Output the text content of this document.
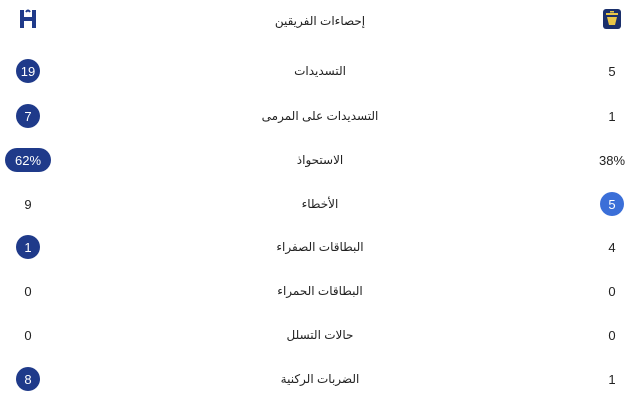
إحصاءات الفريقين
19	التسديدات	5
7	التسديدات على المرمى	1
62%	الاستحواذ	38%
9	الأخطاء	5
1	البطاقات الصفراء	4
0	البطاقات الحمراء	0
0	حالات التسلل	0
8	الضربات الركنية	1
